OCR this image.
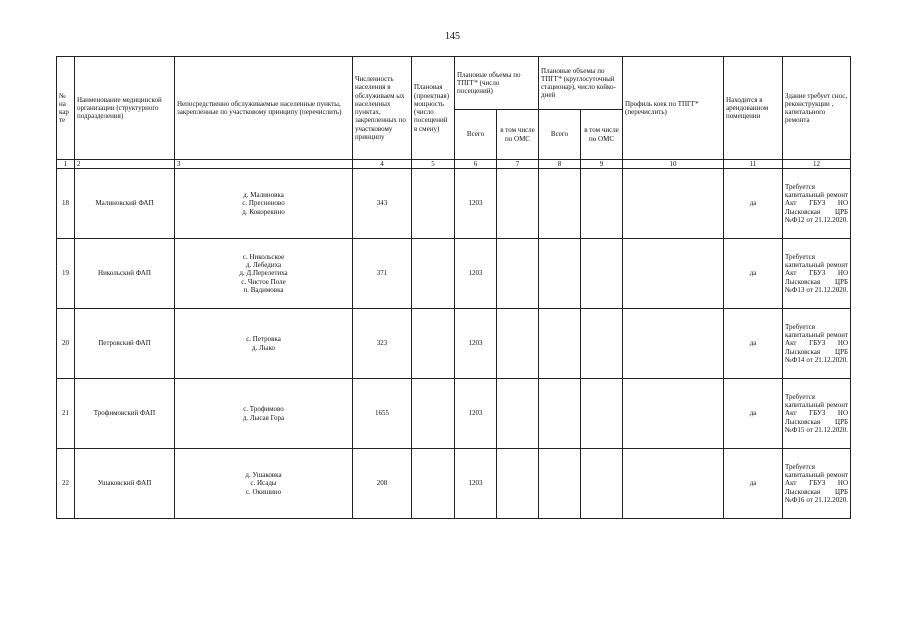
145
№ на кар те	Наименование медицинской организации (структурного подразделения)	Непосредственно обслуживаемые населенные пункты, закрепленные по участковому принципу (перечислить)	Численность населения в обслуживаем ых населенных пунктах, закрепленных по участковому принципу	Плановая (проектная) мощность (число посещений в смену)	Плановые объемы по ТПГГ* (число посещений)		Плановые объемы по ТПГГ* (круглосуточный стационар), число койко-дней		Профиль коек по ТПГГ* (перечислить)	Находится в арендованном помещении	Здание требует снос, реконструкции , капитального ремонта
					Всего	в том числе по ОМС	Всего	в том числе по ОМС			
1	2	3	4	5	6	7	8	9	10	11	12
18	Малиновский ФАП	д. Малиновка
с. Пресненово
д. Кокорекино	343		1203					да	Требуется капитальный ремонт Акт ГБУЗ НО Лысковская ЦРБ №Ф12 от 21.12.2020.
19	Никольский ФАП	с. Никольское
д. Лебедиха
д. Д.Перелетиха
с. Чистое Поле
п. Вадимовка	371		1203					да	Требуется капитальный ремонт Акт ГБУЗ НО Лысковская ЦРБ №Ф13 от 21.12.2020.
20	Петровский ФАП	с. Петровка
д. Лыко	323		1203					да	Требуется капитальный ремонт Акт ГБУЗ НО Лысковская ЦРБ №Ф14 от 21.12.2020.
21	Трофимовский ФАП	с. Трофимово
д. Лысая Гора	1655		1203					да	Требуется капитальный ремонт Акт ГБУЗ НО Лысковская ЦРБ №Ф15 от 21.12.2020.
22	Ушаковский ФАП	д. Ушаковка
с. Исады
с. Окишино	208		1203					да	Требуется капитальный ремонт Акт ГБУЗ НО Лысковская ЦРБ №Ф16 от 21.12.2020.
